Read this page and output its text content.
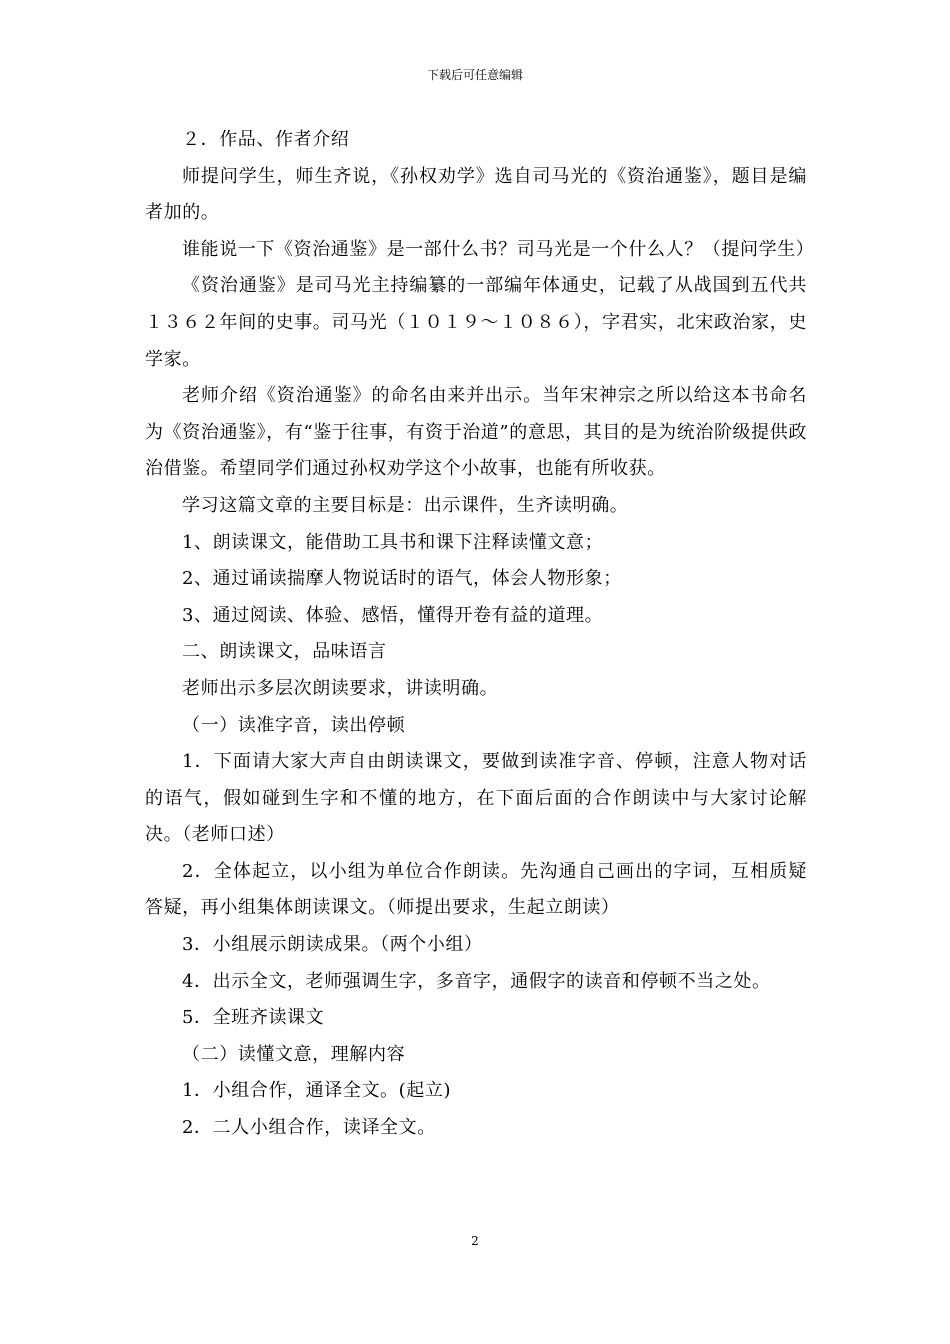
下载后可任意编辑

２．作品、作者介绍

师提问学生，师生齐说，《孙权劝学》选自司马光的《资治通鉴》，题目是编者加的。

谁能说一下《资治通鉴》是一部什么书？司马光是一个什么人？（提问学生）

《资治通鉴》是司马光主持编纂的一部编年体通史，记载了从战国到五代共１３６２年间的史事。司马光（１０１９～１０８６），字君实，北宋政治家，史学家。

老师介绍《资治通鉴》的命名由来并出示。当年宋神宗之所以给这本书命名为《资治通鉴》，有“鉴于往事，有资于治道”的意思，其目的是为统治阶级提供政治借鉴。希望同学们通过孙权劝学这个小故事，也能有所收获。

学习这篇文章的主要目标是：出示课件，生齐读明确。

1、朗读课文，能借助工具书和课下注释读懂文意；

2、通过诵读揣摩人物说话时的语气，体会人物形象；

3、通过阅读、体验、感悟，懂得开卷有益的道理。

二、朗读课文，品味语言

老师出示多层次朗读要求，讲读明确。

（一）读准字音，读出停顿

1．下面请大家大声自由朗读课文，要做到读准字音、停顿，注意人物对话的语气，假如碰到生字和不懂的地方，在下面后面的合作朗读中与大家讨论解决。（老师口述）

2．全体起立，以小组为单位合作朗读。先沟通自己画出的字词，互相质疑答疑，再小组集体朗读课文。（师提出要求，生起立朗读）

3．小组展示朗读成果。（两个小组）

4．出示全文，老师强调生字，多音字，通假字的读音和停顿不当之处。

5．全班齐读课文

（二）读懂文意，理解内容

1．小组合作，通译全文。(起立)

2．二人小组合作，读译全文。

2
